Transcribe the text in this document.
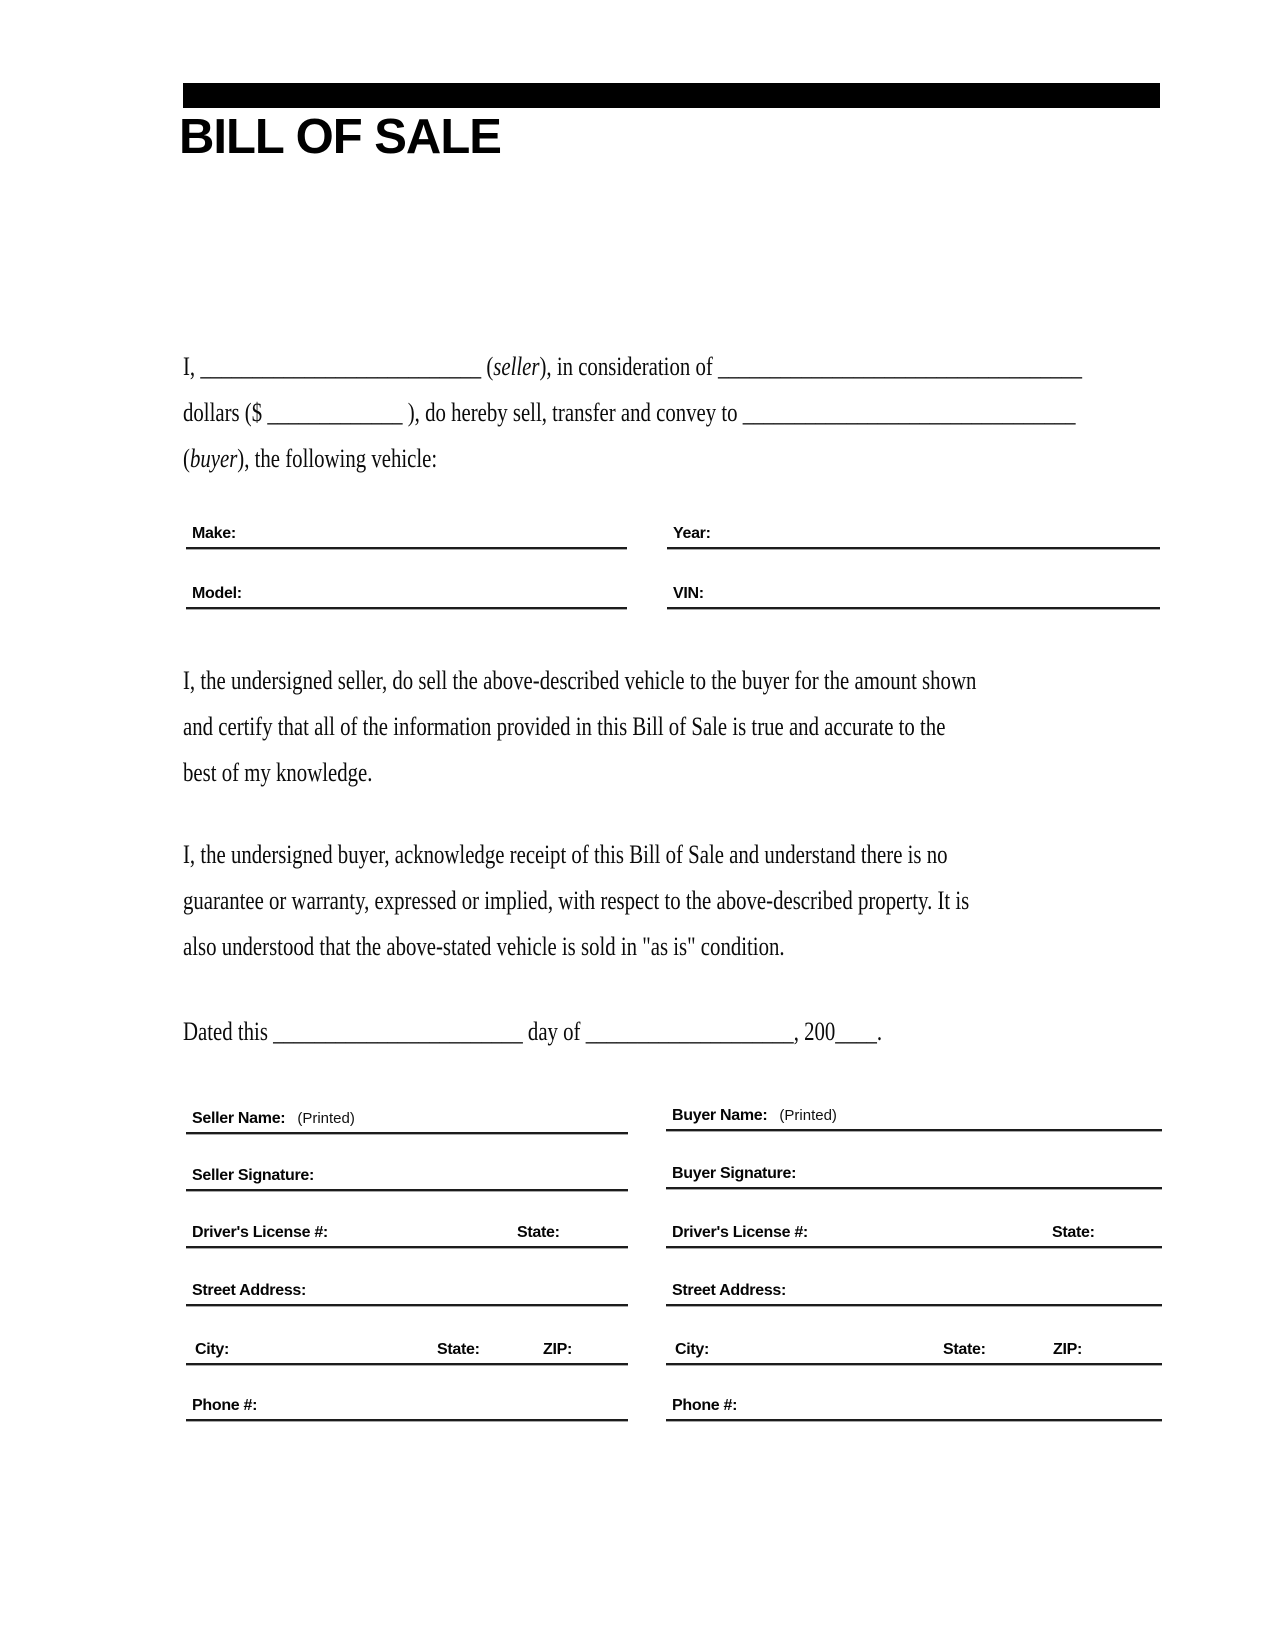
BILL OF SALE
I, ___________________________ (seller), in consideration of ___________________________________
dollars ($ _____________ ), do hereby sell, transfer and convey to ________________________________
(buyer), the following vehicle:
Make:	Year:
Model:	VIN:
I, the undersigned seller, do sell the above-described vehicle to the buyer for the amount shown
and certify that all of the information provided in this Bill of Sale is true and accurate to the
best of my knowledge.
I, the undersigned buyer, acknowledge receipt of this Bill of Sale and understand there is no
guarantee or warranty, expressed or implied, with respect to the above-described property. It is
also understood that the above-stated vehicle is sold in "as is" condition.
Dated this ________________________ day of ____________________, 200____.
Seller Name: (Printed)
Seller Signature:
Driver's License #:	State:
Street Address:
City:	State:	ZIP:
Phone #:
Buyer Name: (Printed)
Buyer Signature:
Driver's License #:	State:
Street Address:
City:	State:	ZIP:
Phone #:
